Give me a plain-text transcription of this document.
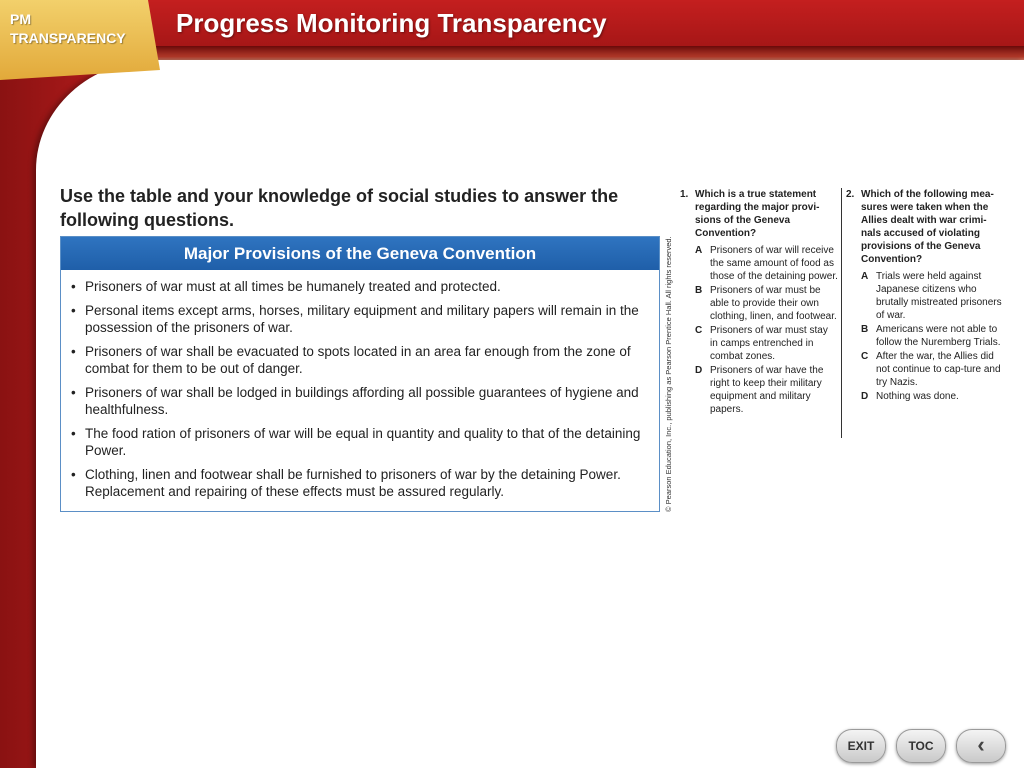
PM
TRANSPARENCY Progress Monitoring Transparency
Use the table and your knowledge of social studies to answer the following questions.
Major Provisions of the Geneva Convention
• Prisoners of war must at all times be humanely treated and protected.
• Personal items except arms, horses, military equipment and military papers will remain in the possession of the prisoners of war.
• Prisoners of war shall be evacuated to spots located in an area far enough from the zone of combat for them to be out of danger.
• Prisoners of war shall be lodged in buildings affording all possible guarantees of hygiene and healthfulness.
• The food ration of prisoners of war will be equal in quantity and quality to that of the detaining Power.
• Clothing, linen and footwear shall be furnished to prisoners of war by the detaining Power. Replacement and repairing of these effects must be assured regularly.	© Pearson Education, Inc., publishing as Pearson Prentice Hall. All rights reserved.
1. Which is a true statement regarding the major provi-sions of the Geneva Convention?
A Prisoners of war will receive the same amount of food as those of the detaining power.
B Prisoners of war must be able to provide their own clothing, linen, and footwear.
C Prisoners of war must stay in camps entrenched in combat zones.
D Prisoners of war have the right to keep their military equipment and military papers.
2. Which of the following mea-sures were taken when the Allies dealt with war crimi-nals accused of violating provisions of the Geneva Convention?
A Trials were held against Japanese citizens who brutally mistreated prisoners of war.
B Americans were not able to follow the Nuremberg Trials.
C After the war, the Allies did not continue to cap-ture and try Nazis.
D Nothing was done.
EXIT	TOC	‹
